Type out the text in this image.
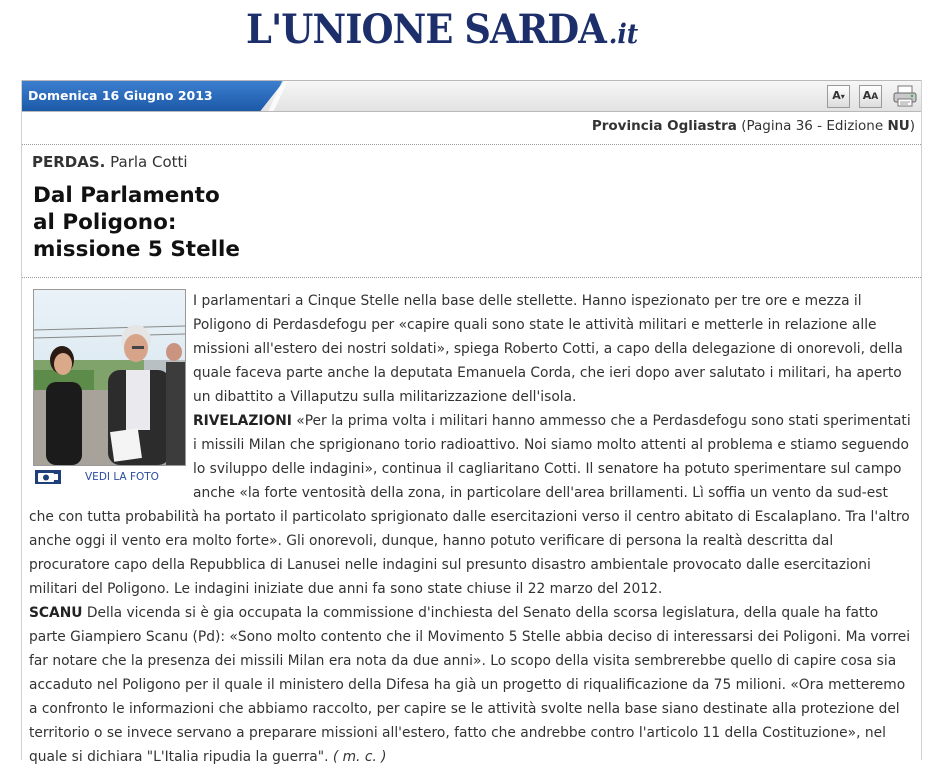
L'UNIONE SARDA .it
Domenica 16 Giugno 2013	A▾	AA
Provincia Ogliastra (Pagina 36 - Edizione NU)
PERDAS. Parla Cotti
Dal Parlamento
al Poligono:
missione 5 Stelle

I parlamentari a Cinque Stelle nella base delle stellette. Hanno ispezionato per tre ore e mezza il Poligono di Perdasdefogu per «capire quali sono state le attività militari e metterle in relazione alle missioni all'estero dei nostri soldati», spiega Roberto Cotti, a capo della delegazione di onorevoli, della quale faceva parte anche la deputata Emanuela Corda, che ieri dopo aver salutato i militari, ha aperto un dibattito a Villaputzu sulla militarizzazione dell'isola.

RIVELAZIONI «Per la prima volta i militari hanno ammesso che a Perdasdefogu sono stati sperimentati i missili Milan che sprigionano torio radioattivo. Noi siamo molto attenti al problema e stiamo seguendo lo sviluppo delle indagini», continua il cagliaritano Cotti. Il senatore ha potuto sperimentare sul campo anche «la forte ventosità della zona, in particolare dell'area brillamenti. Lì soffia un vento da sud-est che con tutta probabilità ha portato il particolato sprigionato dalle esercitazioni verso il centro abitato di Escalaplano. Tra l'altro anche oggi il vento era molto forte». Gli onorevoli, dunque, hanno potuto verificare di persona la realtà descritta dal procuratore capo della Repubblica di Lanusei nelle indagini sul presunto disastro ambientale provocato dalle esercitazioni militari del Poligono. Le indagini iniziate due anni fa sono state chiuse il 22 marzo del 2012.

SCANU Della vicenda si è gia occupata la commissione d'inchiesta del Senato della scorsa legislatura, della quale ha fatto parte Giampiero Scanu (Pd): «Sono molto contento che il Movimento 5 Stelle abbia deciso di interessarsi dei Poligoni. Ma vorrei far notare che la presenza dei missili Milan era nota da due anni». Lo scopo della visita sembrerebbe quello di capire cosa sia accaduto nel Poligono per il quale il ministero della Difesa ha già un progetto di riqualificazione da 75 milioni. «Ora metteremo a confronto le informazioni che abbiamo raccolto, per capire se le attività svolte nella base siano destinate alla protezione del territorio o se invece servano a preparare missioni all'estero, fatto che andrebbe contro l'articolo 11 della Costituzione», nel quale si dichiara "L'Italia ripudia la guerra". ( m. c. )

VEDI LA FOTO
